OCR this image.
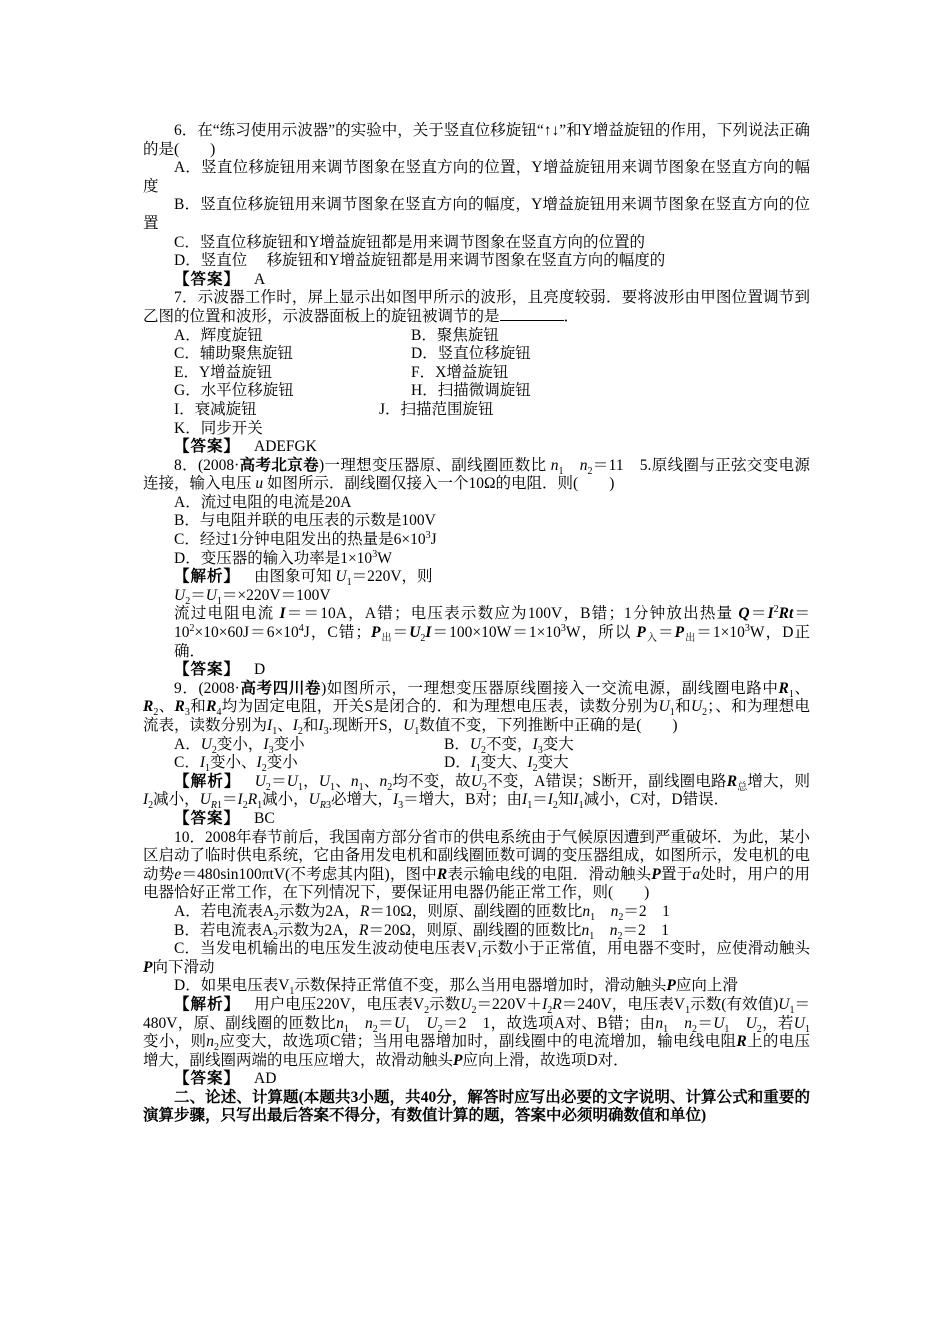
6．在“练习使用示波器”的实验中，关于竖直位移旋钮“↑↓”和Y增益旋钮的作用，下列说法正确的是(　　)

A．竖直位移旋钮用来调节图象在竖直方向的位置，Y增益旋钮用来调节图象在竖直方向的幅度

B．竖直位移旋钮用来调节图象在竖直方向的幅度，Y增益旋钮用来调节图象在竖直方向的位置

C．竖直位移旋钮和Y增益旋钮都是用来调节图象在竖直方向的位置的

D．竖直位　 移旋钮和Y增益旋钮都是用来调节图象在竖直方向的幅度的

【答案】 A

7．示波器工作时，屏上显示出如图甲所示的波形，且亮度较弱．要将波形由甲图位置调节到乙图的位置和波形，示波器面板上的旋钮被调节的是	．

A．辉度旋钮	B．聚焦旋钮
C．辅助聚焦旋钮	D．竖直位移旋钮
E．Y增益旋钮	F．X增益旋钮
G．水平位移旋钮	H．扫描微调旋钮
I．衰减旋钮	J．扫描范围旋钮

K．同步开关

【答案】 ADEFGK

8．(2008·高考北京卷)一理想变压器原、副线圈匝数比 $n_1$　 $n_2=11$　5.原线圈与正弦交变电源连接，输入电压 u 如图所示．副线圈仅接入一个10Ω的电阻．则(　　)

A．流过电阻的电流是20A

B．与电阻并联的电压表的示数是100V

C．经过1分钟电阻发出的热量是$6\times 10^3J$

D．变压器的输入功率是$1\times 10^3W$

【解析】 由图象可知 $U_1=220V$，则

$U_2=U_1=\times 220V=100V$

流过电阻电流 I＝＝10A，A错；电压表示数应为100V，B错；1分钟放出热量 $Q=I^2Rt=10^2\times 10\times 60J=6\times 10^4J$，C错；$P_出=U_2I=100\times 10W=1\times 10^3W$，所以 $P_入=P_出=1\times 10^3W$，D正确．

【答案】 D

9．(2008·高考四川卷)如图所示，一理想变压器原线圈接入一交流电源，副线圈电路中$R_1$、$R_2$、$R_3$和$R_4$均为固定电阻，开关S是闭合的．和为理想电压表，读数分别为$U_1$和$U_2$；、和为理想电流表，读数分别为$I_1$、$I_2$和$I_3$.现断开S，$U_1$数值不变，下列推断中正确的是(　　)

A．$U_2$变小，$I_3$变小	B．$U_2$不变，$I_3$变大
C．$I_1$变小、$I_2$变小	D．$I_1$变大、$I_2$变大

【解析】 $U_2=U_1$，$U_1$、$n_1$、$n_2$均不变，故$U_2$不变，A错误；S断开，副线圈电路$R_总$增大，则$I_2$减小，$U_{R1}=I_2R_1$减小，$U_{R3}$必增大，$I_3=$增大，B对；由$I_1=I_2$知$I_1$减小，C对，D错误．

【答案】 BC

10．2008年春节前后，我国南方部分省市的供电系统由于气候原因遭到严重破坏．为此，某小区启动了临时供电系统，它由备用发电机和副线圈匝数可调的变压器组成，如图所示，发电机的电动势e＝480sin100πtV(不考虑其内阻)，图中R表示输电线的电阻．滑动触头P置于a处时，用户的用电器恰好正常工作，在下列情况下，要保证用电器仍能正常工作，则(　　)

A．若电流表$A_2$示数为2A，R＝10Ω，则原、副线圈的匝数比$n_1$　 $n_2=2$　1

B．若电流表$A_2$示数为2A，R＝20Ω，则原、副线圈的匝数比$n_1$　 $n_2=2$　1

C．当发电机输出的电压发生波动使电压表$V_1$示数小于正常值，用电器不变时，应使滑动触头P向下滑动

D．如果电压表$V_1$示数保持正常值不变，那么当用电器增加时，滑动触头P应向上滑

【解析】 用户电压220V，电压表$V_2$示数$U_2=220V+I_2R=240V$，电压表$V_1$示数(有效值)$U_1=480V$，原、副线圈的匝数比$n_1$　 $n_2=U_1$　 $U_2=2$　1，故选项A对、B错；由$n_1$　 $n_2=U_1$　 $U_2$，若$U_1$变小，则$n_2$应变大，故选项C错；当用电器增加时，副线圈中的电流增加，输电线电阻R上的电压增大，副线圈两端的电压应增大，故滑动触头P应向上滑，故选项D对．

【答案】 AD

二、论述、计算题(本题共3小题，共40分，解答时应写出必要的文字说明、计算公式和重要的演算步骤，只写出最后答案不得分，有数值计算的题，答案中必须明确数值和单位)
